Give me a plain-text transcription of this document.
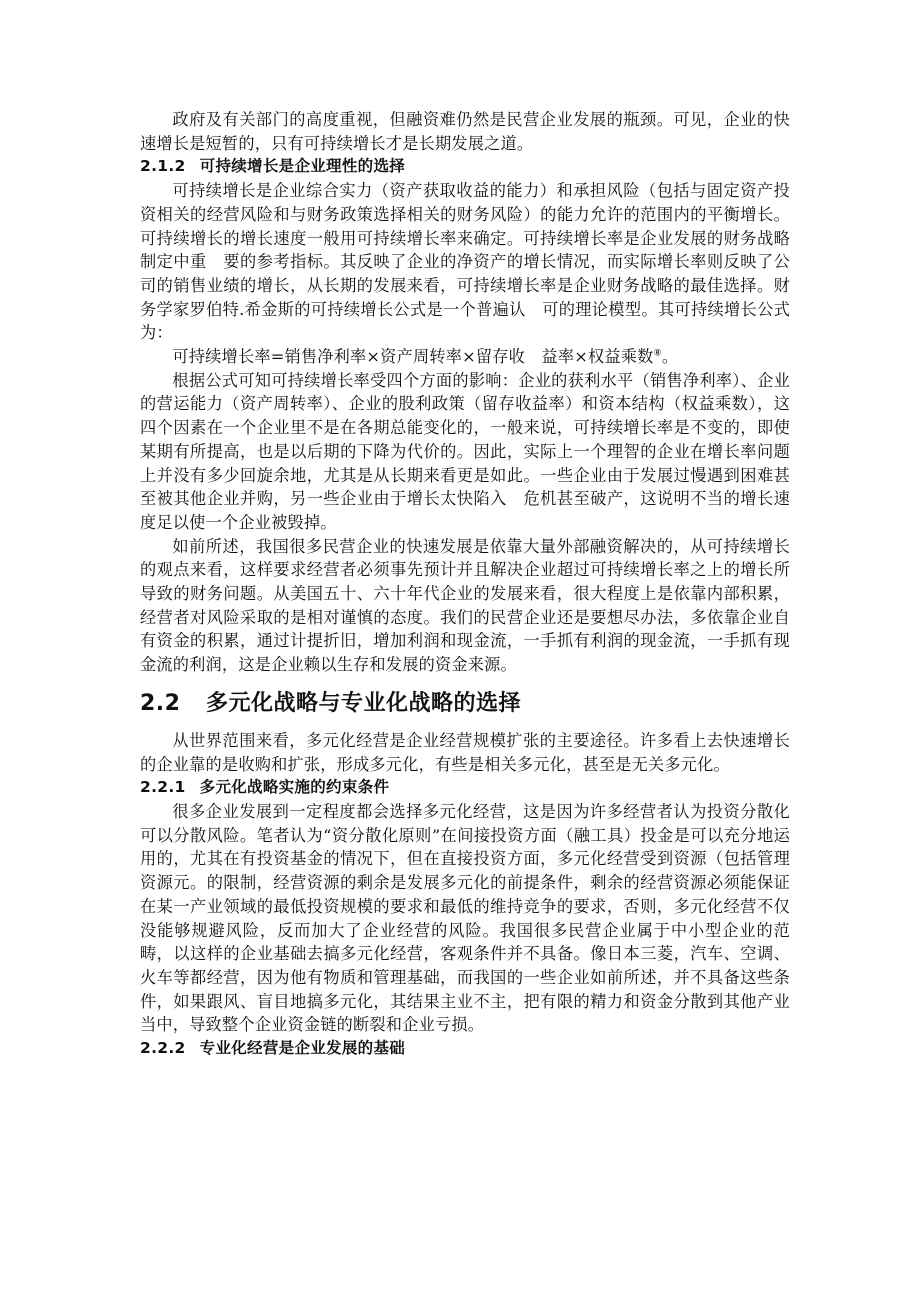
政府及有关部门的高度重视，但融资难仍然是民营企业发展的瓶颈。可见，企业的快速增长是短暂的，只有可持续增长才是长期发展之道。

2.1.2 可持续增长是企业理性的选择

可持续增长是企业综合实力（资产获取收益的能力）和承担风险（包括与固定资产投资相关的经营风险和与财务政策选择相关的财务风险）的能力允许的范围内的平衡增长。可持续增长的增长速度一般用可持续增长率来确定。可持续增长率是企业发展的财务战略制定中重　要的参考指标。其反映了企业的净资产的增长情况，而实际增长率则反映了公司的销售业绩的增长，从长期的发展来看，可持续增长率是企业财务战略的最佳选择。财务学家罗伯特.希金斯的可持续增长公式是一个普遍认　可的理论模型。其可持续增长公式为：

可持续增长率=销售净利率×资产周转率×留存收　益率×权益乘数⑧。

根据公式可知可持续增长率受四个方面的影响：企业的获利水平（销售净利率）、企业的营运能力（资产周转率）、企业的股利政策（留存收益率）和资本结构（权益乘数），这四个因素在一个企业里不是在各期总能变化的，一般来说，可持续增长率是不变的，即使某期有所提高，也是以后期的下降为代价的。因此，实际上一个理智的企业在增长率问题上并没有多少回旋余地，尤其是从长期来看更是如此。一些企业由于发展过慢遇到困难甚至被其他企业并购，另一些企业由于增长太快陷入　危机甚至破产，这说明不当的增长速度足以使一个企业被毁掉。

如前所述，我国很多民营企业的快速发展是依靠大量外部融资解决的，从可持续增长的观点来看，这样要求经营者必须事先预计并且解决企业超过可持续增长率之上的增长所导致的财务问题。从美国五十、六十年代企业的发展来看，很大程度上是依靠内部积累，经营者对风险采取的是相对谨慎的态度。我们的民营企业还是要想尽办法，多依靠企业自有资金的积累，通过计提折旧，增加利润和现金流，一手抓有利润的现金流，一手抓有现金流的利润，这是企业赖以生存和发展的资金来源。

2.2 多元化战略与专业化战略的选择

从世界范围来看，多元化经营是企业经营规模扩张的主要途径。许多看上去快速增长的企业靠的是收购和扩张，形成多元化，有些是相关多元化，甚至是无关多元化。

2.2.1 多元化战略实施的约束条件

很多企业发展到一定程度都会选择多元化经营，这是因为许多经营者认为投资分散化可以分散风险。笔者认为“资分散化原则”在间接投资方面（融工具）投金是可以充分地运用的，尤其在有投资基金的情况下，但在直接投资方面，多元化经营受到资源（包括管理资源元。的限制，经营资源的剩余是发展多元化的前提条件，剩余的经营资源必须能保证在某一产业领域的最低投资规模的要求和最低的维持竞争的要求，否则，多元化经营不仅没能够规避风险，反而加大了企业经营的风险。我国很多民营企业属于中小型企业的范畴，以这样的企业基础去搞多元化经营，客观条件并不具备。像日本三菱，汽车、空调、火车等都经营，因为他有物质和管理基础，而我国的一些企业如前所述，并不具备这些条件，如果跟风、盲目地搞多元化，其结果主业不主，把有限的精力和资金分散到其他产业当中，导致整个企业资金链的断裂和企业亏损。

2.2.2 专业化经营是企业发展的基础
